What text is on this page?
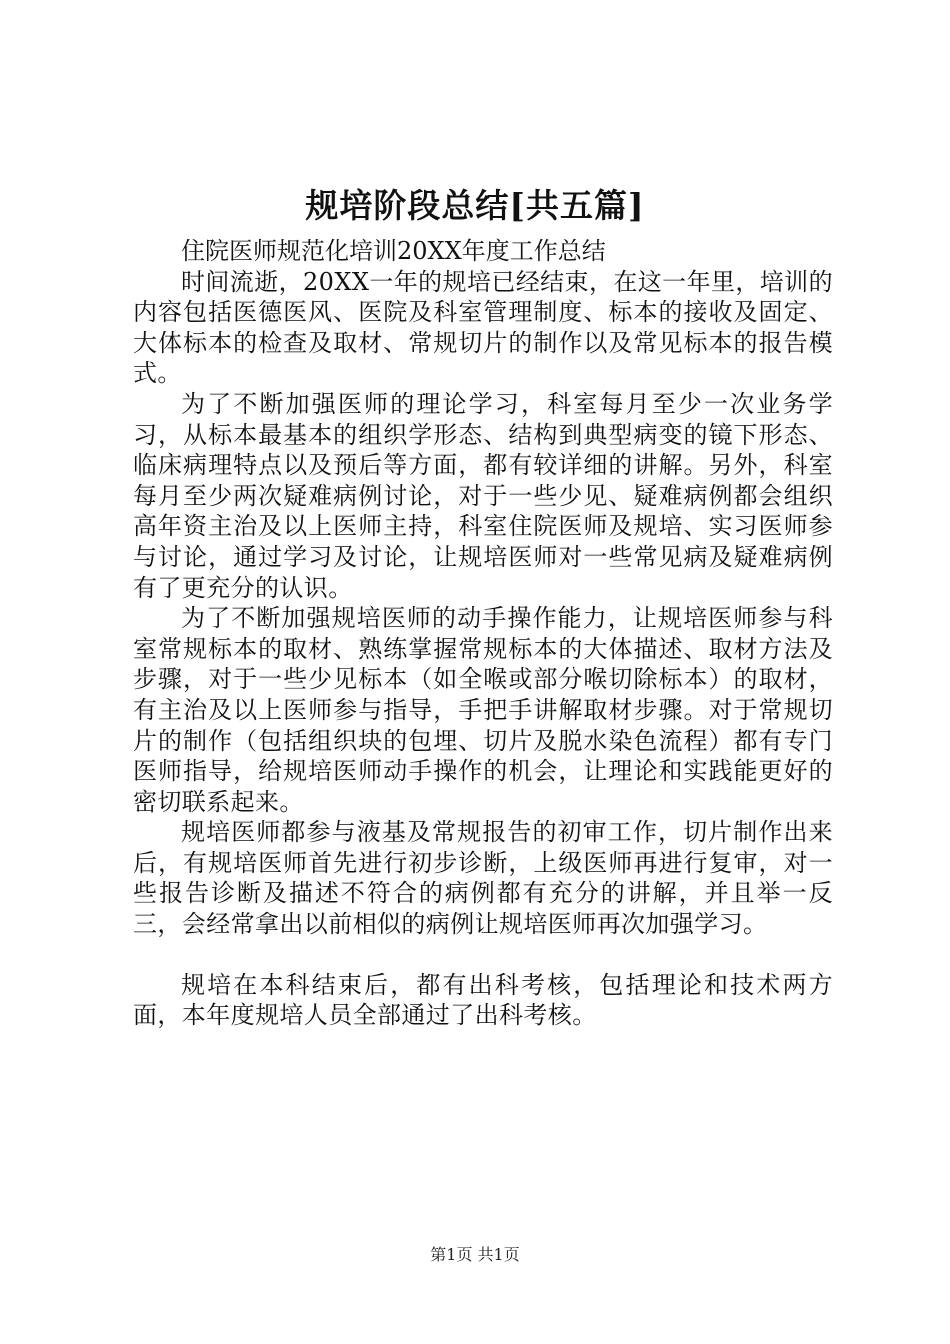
规培阶段总结[共五篇]

住院医师规范化培训20XX年度工作总结

时间流逝，20XX一年的规培已经结束，在这一年里，培训的内容包括医德医风、医院及科室管理制度、标本的接收及固定、大体标本的检查及取材、常规切片的制作以及常见标本的报告模式。

为了不断加强医师的理论学习，科室每月至少一次业务学习，从标本最基本的组织学形态、结构到典型病变的镜下形态、临床病理特点以及预后等方面，都有较详细的讲解。另外，科室每月至少两次疑难病例讨论，对于一些少见、疑难病例都会组织高年资主治及以上医师主持，科室住院医师及规培、实习医师参与讨论，通过学习及讨论，让规培医师对一些常见病及疑难病例有了更充分的认识。

为了不断加强规培医师的动手操作能力，让规培医师参与科室常规标本的取材、熟练掌握常规标本的大体描述、取材方法及步骤，对于一些少见标本（如全喉或部分喉切除标本）的取材，有主治及以上医师参与指导，手把手讲解取材步骤。对于常规切片的制作（包括组织块的包埋、切片及脱水染色流程）都有专门医师指导，给规培医师动手操作的机会，让理论和实践能更好的密切联系起来。

规培医师都参与液基及常规报告的初审工作，切片制作出来后，有规培医师首先进行初步诊断，上级医师再进行复审，对一些报告诊断及描述不符合的病例都有充分的讲解，并且举一反三，会经常拿出以前相似的病例让规培医师再次加强学习。

规培在本科结束后，都有出科考核，包括理论和技术两方面，本年度规培人员全部通过了出科考核。

第1页 共1页
